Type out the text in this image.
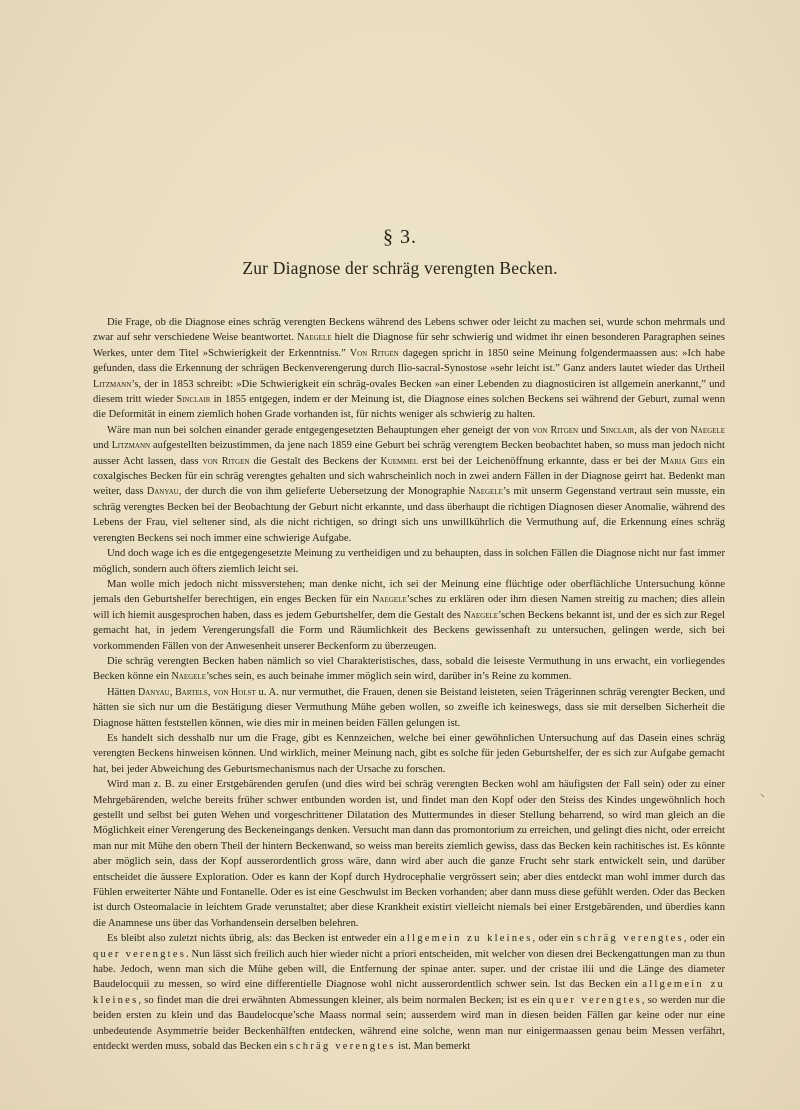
§ 3.
Zur Diagnose der schräg verengten Becken.

Die Frage, ob die Diagnose eines schräg verengten Beckens während des Lebens schwer oder leicht zu machen sei, wurde schon mehrmals und zwar auf sehr verschiedene Weise beantwortet. Naegele hielt die Diagnose für sehr schwierig und widmet ihr einen besonderen Paragraphen seines Werkes, unter dem Titel »Schwierigkeit der Erkenntniss.” Von Ritgen dagegen spricht in 1850 seine Meinung folgendermaassen aus: »Ich habe gefunden, dass die Erkennung der schrägen Beckenverengerung durch Ilio-sacral-Synostose »sehr leicht ist.” Ganz anders lautet wieder das Urtheil Litzmann’s, der in 1853 schreibt: »Die Schwierigkeit ein schräg-ovales Becken »an einer Lebenden zu diagnosticiren ist allgemein anerkannt,” und diesem tritt wieder Sinclair in 1855 entgegen, indem er der Meinung ist, die Diagnose eines solchen Beckens sei während der Geburt, zumal wenn die Deformität in einem ziemlich hohen Grade vorhanden ist, für nichts weniger als schwierig zu halten.

Wäre man nun bei solchen einander gerade entgegengesetzten Behauptungen eher geneigt der von von Ritgen und Sinclair, als der von Naegele und Litzmann aufgestellten beizustimmen, da jene nach 1859 eine Geburt bei schräg verengtem Becken beobachtet haben, so muss man jedoch nicht ausser Acht lassen, dass von Ritgen die Gestalt des Beckens der Kuemmel erst bei der Leichenöffnung erkannte, dass er bei der Maria Gies ein coxalgisches Becken für ein schräg verengtes gehalten und sich wahrscheinlich noch in zwei andern Fällen in der Diagnose geirrt hat. Bedenkt man weiter, dass Danyau, der durch die von ihm gelieferte Uebersetzung der Monographie Naegele’s mit unserm Gegenstand vertraut sein musste, ein schräg verengtes Becken bei der Beobachtung der Geburt nicht erkannte, und dass überhaupt die richtigen Diagnosen dieser Anomalie, während des Lebens der Frau, viel seltener sind, als die nicht richtigen, so dringt sich uns unwillkührlich die Vermuthung auf, die Erkennung eines schräg verengten Beckens sei noch immer eine schwierige Aufgabe.

Und doch wage ich es die entgegengesetzte Meinung zu vertheidigen und zu behaupten, dass in solchen Fällen die Diagnose nicht nur fast immer möglich, sondern auch öfters ziemlich leicht sei.

Man wolle mich jedoch nicht missverstehen; man denke nicht, ich sei der Meinung eine flüchtige oder oberflächliche Untersuchung könne jemals den Geburtshelfer berechtigen, ein enges Becken für ein Naegele’sches zu erklären oder ihm diesen Namen streitig zu machen; dies allein will ich hiemit ausgesprochen haben, dass es jedem Geburtshelfer, dem die Gestalt des Naegele’schen Beckens bekannt ist, und der es sich zur Regel gemacht hat, in jedem Verengerungsfall die Form und Räumlichkeit des Beckens gewissenhaft zu untersuchen, gelingen werde, sich bei vorkommenden Fällen von der Anwesenheit unserer Beckenform zu überzeugen.

Die schräg verengten Becken haben nämlich so viel Charakteristisches, dass, sobald die leiseste Vermuthung in uns erwacht, ein vorliegendes Becken könne ein Naegele’sches sein, es auch beinahe immer möglich sein wird, darüber in’s Reine zu kommen.

Hätten Danyau, Bartels, von Holst u. A. nur vermuthet, die Frauen, denen sie Beistand leisteten, seien Trägerinnen schräg verengter Becken, und hätten sie sich nur um die Bestätigung dieser Vermuthung Mühe geben wollen, so zweifle ich keineswegs, dass sie mit derselben Sicherheit die Diagnose hätten feststellen können, wie dies mir in meinen beiden Fällen gelungen ist.

Es handelt sich desshalb nur um die Frage, gibt es Kennzeichen, welche bei einer gewöhnlichen Untersuchung auf das Dasein eines schräg verengten Beckens hinweisen können. Und wirklich, meiner Meinung nach, gibt es solche für jeden Geburtshelfer, der es sich zur Aufgabe gemacht hat, bei jeder Abweichung des Geburtsmechanismus nach der Ursache zu forschen.

Wird man z. B. zu einer Erstgebärenden gerufen (und dies wird bei schräg verengten Becken wohl am häufigsten der Fall sein) oder zu einer Mehrgebärenden, welche bereits früher schwer entbunden worden ist, und findet man den Kopf oder den Steiss des Kindes ungewöhnlich hoch gestellt und selbst bei guten Wehen und vorgeschrittener Dilatation des Muttermundes in dieser Stellung beharrend, so wird man gleich an die Möglichkeit einer Verengerung des Beckeneingangs denken. Versucht man dann das promontorium zu erreichen, und gelingt dies nicht, oder erreicht man nur mit Mühe den obern Theil der hintern Beckenwand, so weiss man bereits ziemlich gewiss, dass das Becken kein rachitisches ist. Es könnte aber möglich sein, dass der Kopf ausserordentlich gross wäre, dann wird aber auch die ganze Frucht sehr stark entwickelt sein, und darüber entscheidet die äussere Exploration. Oder es kann der Kopf durch Hydrocephalie vergrössert sein; aber dies entdeckt man wohl immer durch das Fühlen erweiterter Nähte und Fontanelle. Oder es ist eine Geschwulst im Becken vorhanden; aber dann muss diese gefühlt werden. Oder das Becken ist durch Osteomalacie in leichtem Grade verunstaltet; aber diese Krankheit existirt vielleicht niemals bei einer Erstgebärenden, und überdies kann die Anamnese uns über das Vorhandensein derselben belehren.

Es bleibt also zuletzt nichts übrig, als: das Becken ist entweder ein allgemein zu kleines, oder ein schräg verengtes, oder ein quer verengtes. Nun lässt sich freilich auch hier wieder nicht a priori entscheiden, mit welcher von diesen drei Beckengattungen man zu thun habe. Jedoch, wenn man sich die Mühe geben will, die Entfernung der spinae anter. super. und der cristae ilii und die Länge des diameter Baudelocquii zu messen, so wird eine differentielle Diagnose wohl nicht ausserordentlich schwer sein. Ist das Becken ein allgemein zu kleines, so findet man die drei erwähnten Abmessungen kleiner, als beim normalen Becken; ist es ein quer verengtes, so werden nur die beiden ersten zu klein und das Baudelocque’sche Maass normal sein; ausserdem wird man in diesen beiden Fällen gar keine oder nur eine unbedeutende Asymmetrie beider Beckenhälften entdecken, während eine solche, wenn man nur einigermaassen genau beim Messen verfährt, entdeckt werden muss, sobald das Becken ein schräg verengtes ist. Man bemerkt

⸌
